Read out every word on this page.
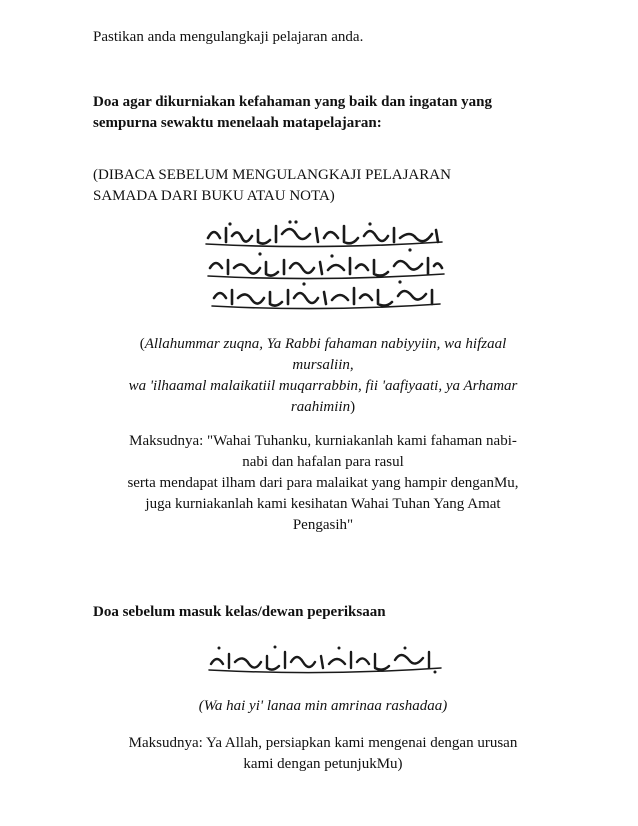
Pastikan anda mengulangkaji pelajaran anda.

Doa agar dikurniakan kefahaman yang baik dan ingatan yang

sempurna sewaktu menelaah matapelajaran:

(DIBACA SEBELUM MENGULANGKAJI PELAJARAN

SAMADA DARI BUKU ATAU NOTA)

(Allahummar zuqna, Ya Rabbi fahaman nabiyyiin, wa hifzaal
mursaliin,
wa 'ilhaamal malaikatiil muqarrabbin, fii 'aafiyaati, ya Arhamar
raahimiin)
Maksudnya: "Wahai Tuhanku, kurniakanlah kami fahaman nabi-
nabi dan hafalan para rasul
serta mendapat ilham dari para malaikat yang hampir denganMu,
juga kurniakanlah kami kesihatan Wahai Tuhan Yang Amat
Pengasih"

Doa sebelum masuk kelas/dewan peperiksaan

(Wa hai yi' lanaa min amrinaa rashadaa)

Maksudnya: Ya Allah, persiapkan kami mengenai dengan urusan
kami dengan petunjukMu)
